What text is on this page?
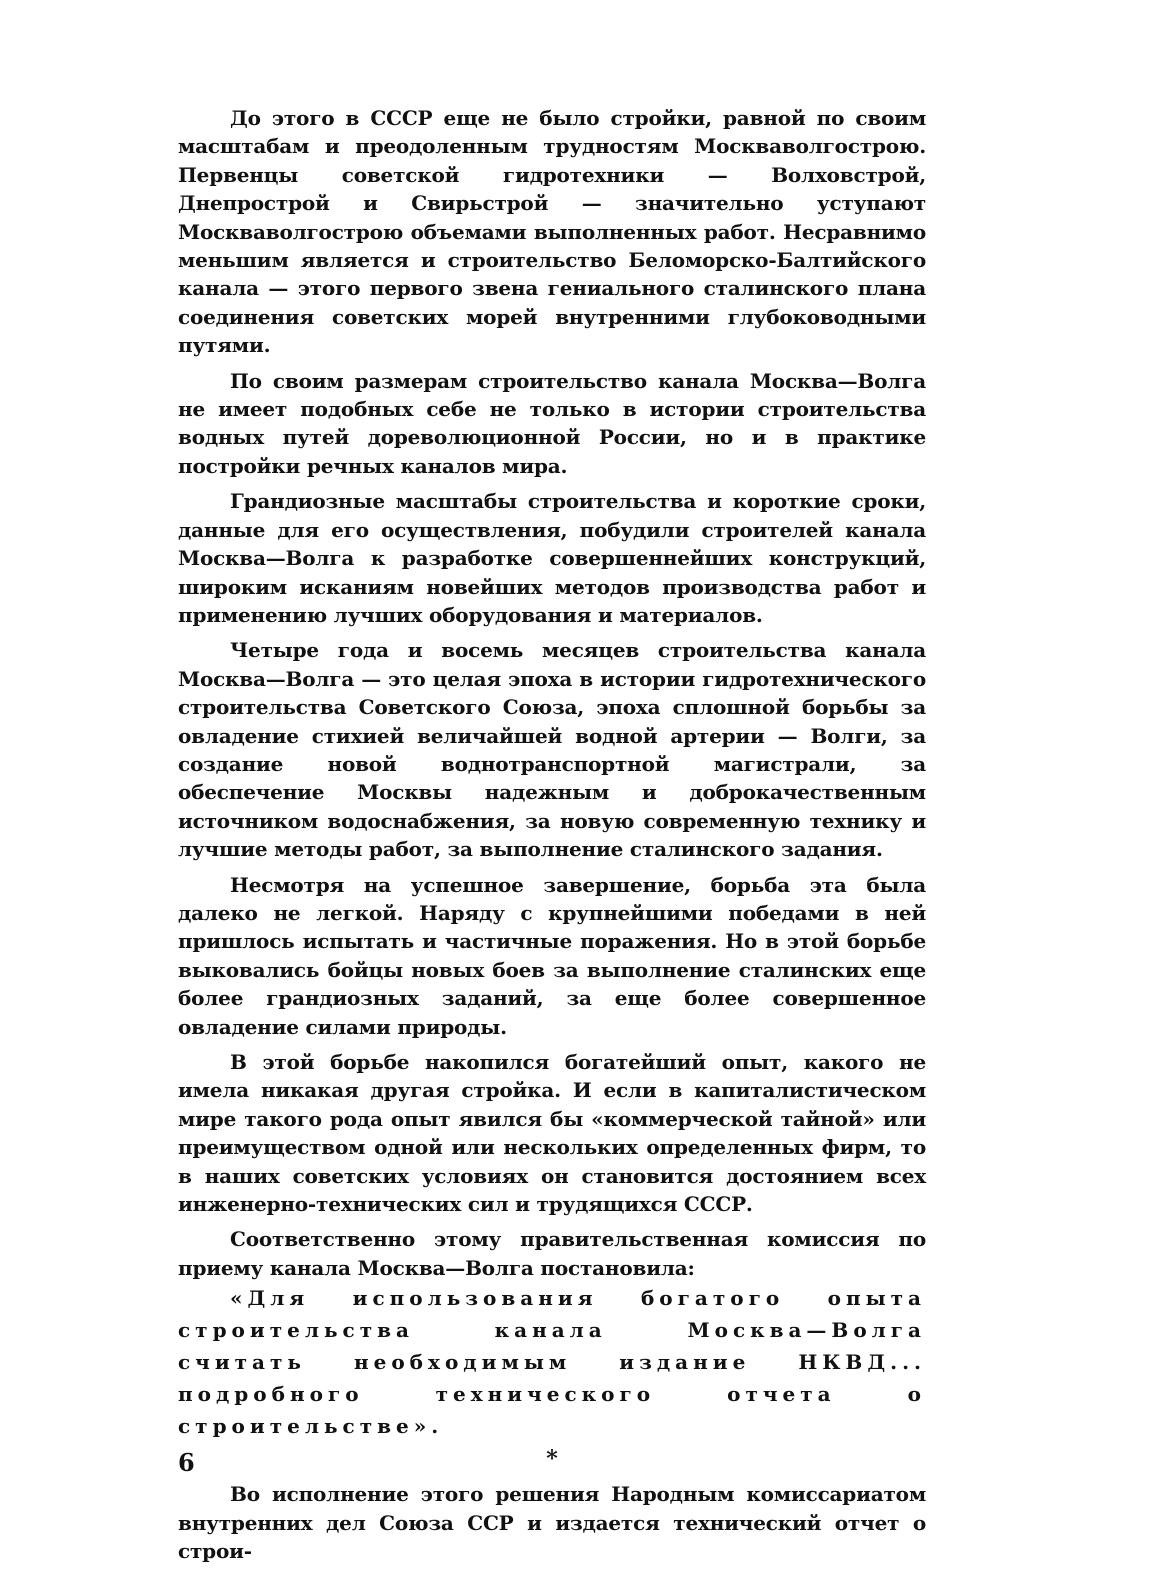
До этого в СССР еще не было стройки, равной по своим масштабам и преодоленным трудностям Москваволгострою. Первенцы советской гидротехники — Волховстрой, Днепрострой и Свирьстрой — значительно уступают Москваволгострою объемами выполненных работ. Несравнимо меньшим является и строительство Беломорско-Балтийского канала — этого первого звена гениального сталинского плана соединения советских морей внутренними глубоководными путями.

По своим размерам строительство канала Москва—Волга не имеет подобных себе не только в истории строительства водных путей дореволюционной России, но и в практике постройки речных каналов мира.

Грандиозные масштабы строительства и короткие сроки, данные для его осуществления, побудили строителей канала Москва—Волга к разработке совершеннейших конструкций, широким исканиям новейших методов производства работ и применению лучших оборудования и материалов.

Четыре года и восемь месяцев строительства канала Москва—Волга — это целая эпоха в истории гидротехнического строительства Советского Союза, эпоха сплошной борьбы за овладение стихией величайшей водной артерии — Волги, за создание новой воднотранспортной магистрали, за обеспечение Москвы надежным и доброкачественным источником водоснабжения, за новую современную технику и лучшие методы работ, за выполнение сталинского задания.

Несмотря на успешное завершение, борьба эта была далеко не легкой. Наряду с крупнейшими победами в ней пришлось испытать и частичные поражения. Но в этой борьбе выковались бойцы новых боев за выполнение сталинских еще более грандиозных заданий, за еще более совершенное овладение силами природы.

В этой борьбе накопился богатейший опыт, какого не имела никакая другая стройка. И если в капиталистическом мире такого рода опыт явился бы «коммерческой тайной» или преимуществом одной или нескольких определенных фирм, то в наших советских условиях он становится достоянием всех инженерно-технических сил и трудящихся СССР.

Соответственно этому правительственная комиссия по приему канала Москва—Волга постановила:

«Для использования богатого опыта строительства канала Москва—Волга считать необходимым издание НКВД... подробного технического отчета о строительстве».

*

Во исполнение этого решения Народным комиссариатом внутренних дел Союза ССР и издается технический отчет о строи-

6
